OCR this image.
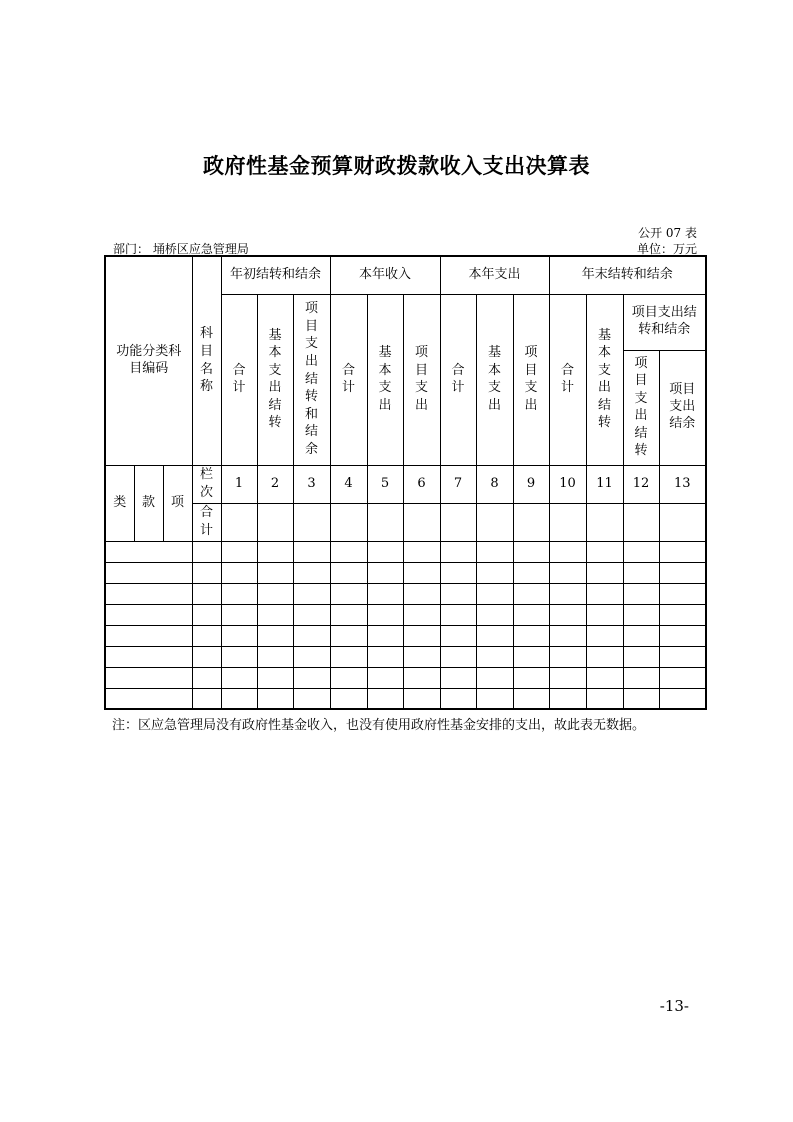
政府性基金预算财政拨款收入支出决算表
公开 07 表
部门： 埇桥区应急管理局	单位：万元
功能分类科目编码			科目名称	年初结转和结余			本年收入			本年支出			年末结转和结余			
				合计	基本支出结转	项目支出结转和结余	合计	基本支出	项目支出	合计	基本支出	项目支出	合计	基本支出结转	项目支出结转和结余	

															项目支出结转	项目支出结余

类	款	项	栏次	1	2	3	4	5	6	7	8	9	10	11	12	13
			合计													

注：区应急管理局没有政府性基金收入，也没有使用政府性基金安排的支出，故此表无数据。
-13-
